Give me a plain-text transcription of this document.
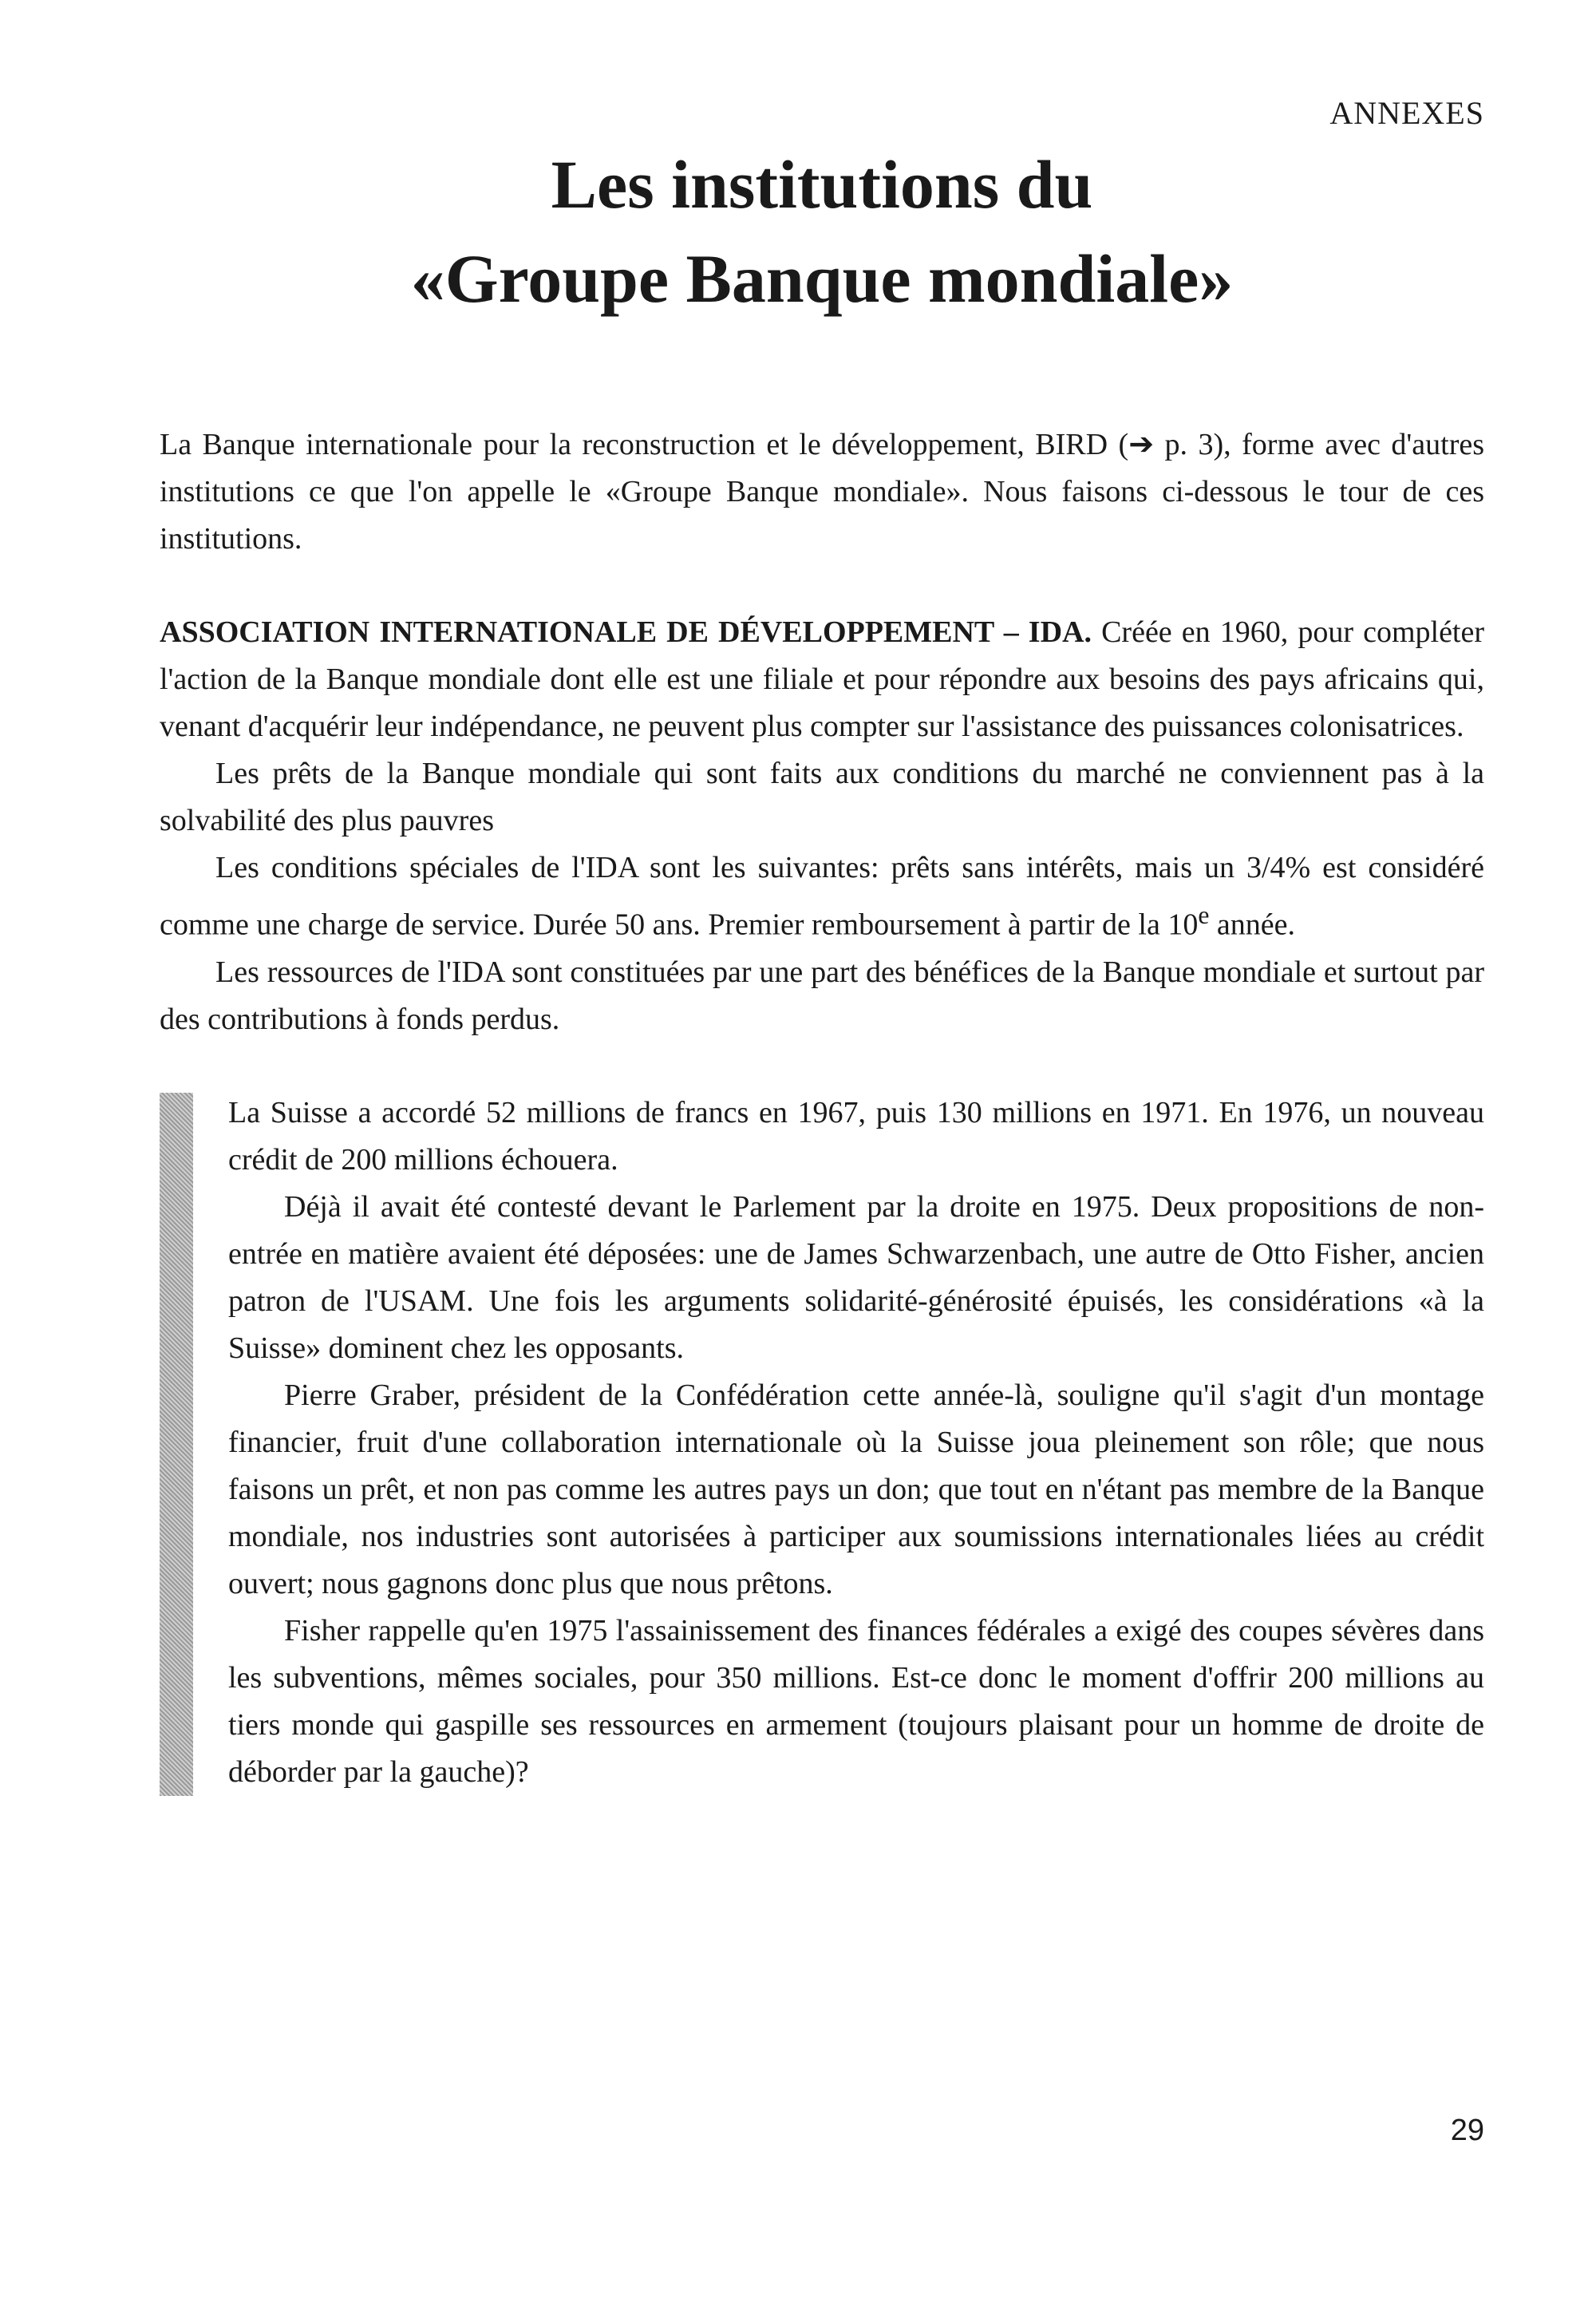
ANNEXES

Les institutions du
«Groupe Banque mondiale»

La Banque internationale pour la reconstruction et le développement, BIRD (➔ p. 3), forme avec d'autres institutions ce que l'on appelle le «Groupe Banque mondiale». Nous faisons ci-dessous le tour de ces institutions.

ASSOCIATION INTERNATIONALE DE DÉVELOPPEMENT – IDA. Créée en 1960, pour compléter l'action de la Banque mondiale dont elle est une filiale et pour répondre aux besoins des pays africains qui, venant d'acquérir leur indépendance, ne peuvent plus compter sur l'assistance des puissances colonisatrices.

Les prêts de la Banque mondiale qui sont faits aux conditions du marché ne conviennent pas à la solvabilité des plus pauvres

Les conditions spéciales de l'IDA sont les suivantes: prêts sans intérêts, mais un 3/4% est considéré comme une charge de service. Durée 50 ans. Premier remboursement à partir de la 10e année.

Les ressources de l'IDA sont constituées par une part des bénéfices de la Banque mondiale et surtout par des contributions à fonds perdus.

La Suisse a accordé 52 millions de francs en 1967, puis 130 millions en 1971. En 1976, un nouveau crédit de 200 millions échouera.

Déjà il avait été contesté devant le Parlement par la droite en 1975. Deux propositions de non-entrée en matière avaient été déposées: une de James Schwarzenbach, une autre de Otto Fisher, ancien patron de l'USAM. Une fois les arguments solidarité-générosité épuisés, les considérations «à la Suisse» dominent chez les opposants.

Pierre Graber, président de la Confédération cette année-là, souligne qu'il s'agit d'un montage financier, fruit d'une collaboration internationale où la Suisse joua pleinement son rôle; que nous faisons un prêt, et non pas comme les autres pays un don; que tout en n'étant pas membre de la Banque mondiale, nos industries sont autorisées à participer aux soumissions internationales liées au crédit ouvert; nous gagnons donc plus que nous prêtons.

Fisher rappelle qu'en 1975 l'assainissement des finances fédérales a exigé des coupes sévères dans les subventions, mêmes sociales, pour 350 millions. Est-ce donc le moment d'offrir 200 millions au tiers monde qui gaspille ses ressources en armement (toujours plaisant pour un homme de droite de déborder par la gauche)?

29
